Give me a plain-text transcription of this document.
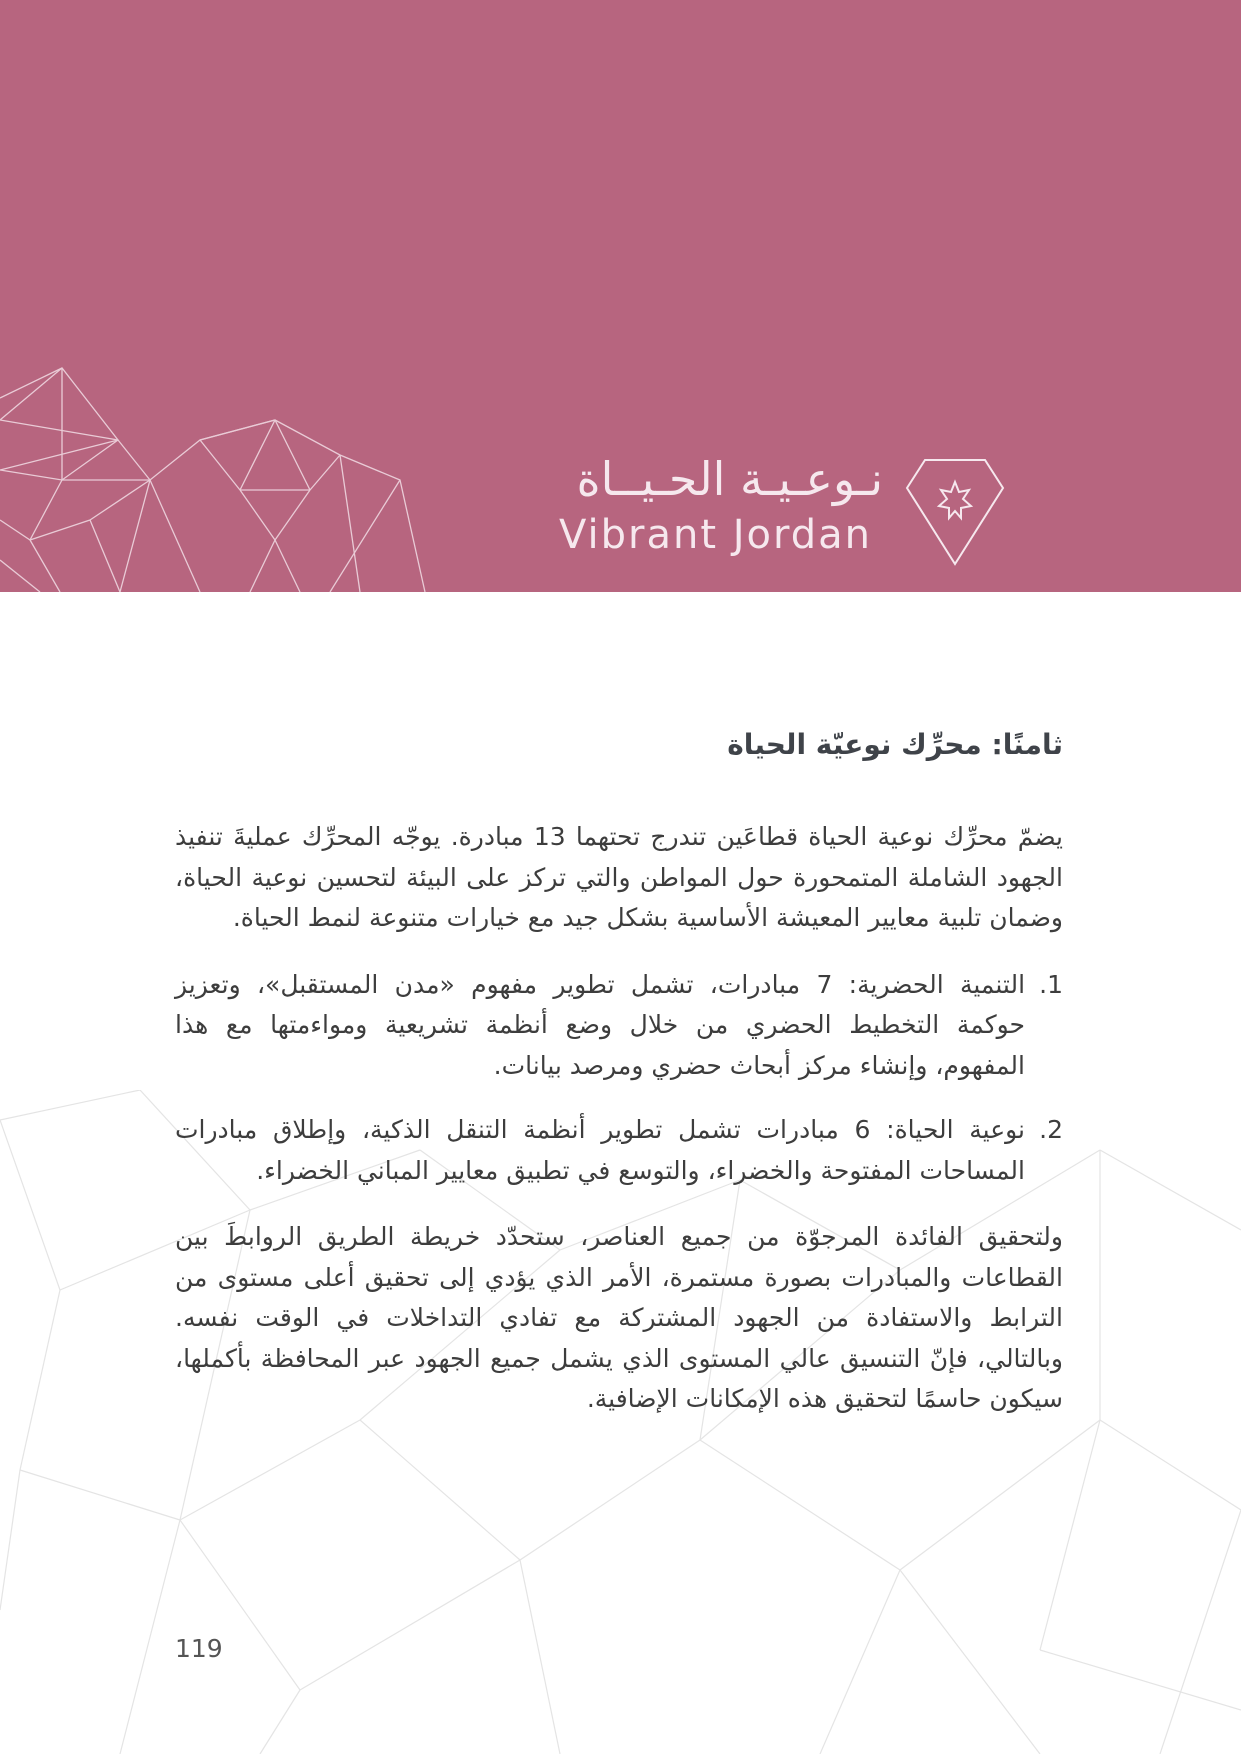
نـوعـيـة الحـيــاة
Vibrant Jordan
ثامنًا: محرِّك نوعيّة الحياة

يضمّ محرِّك نوعية الحياة قطاعَين تندرج تحتهما 13 مبادرة. يوجّه المحرِّك عمليةَ تنفيذ الجهود الشاملة المتمحورة حول المواطن والتي تركز على البيئة لتحسين نوعية الحياة، وضمان تلبية معايير المعيشة الأساسية بشكل جيد مع خيارات متنوعة لنمط الحياة.

1.
التنمية الحضرية: 7 مبادرات، تشمل تطوير مفهوم «مدن المستقبل»، وتعزيز حوكمة التخطيط الحضري من خلال وضع أنظمة تشريعية ومواءمتها مع هذا المفهوم، وإنشاء مركز أبحاث حضري ومرصد بيانات.
2.
نوعية الحياة: 6 مبادرات تشمل تطوير أنظمة التنقل الذكية، وإطلاق مبادرات المساحات المفتوحة والخضراء، والتوسع في تطبيق معايير المباني الخضراء.

ولتحقيق الفائدة المرجوّة من جميع العناصر، ستحدّد خريطة الطريق الروابطَ بين القطاعات والمبادرات بصورة مستمرة، الأمر الذي يؤدي إلى تحقيق أعلى مستوى من الترابط والاستفادة من الجهود المشتركة مع تفادي التداخلات في الوقت نفسه. وبالتالي، فإنّ التنسيق عالي المستوى الذي يشمل جميع الجهود عبر المحافظة بأكملها، سيكون حاسمًا لتحقيق هذه الإمكانات الإضافية.

119
